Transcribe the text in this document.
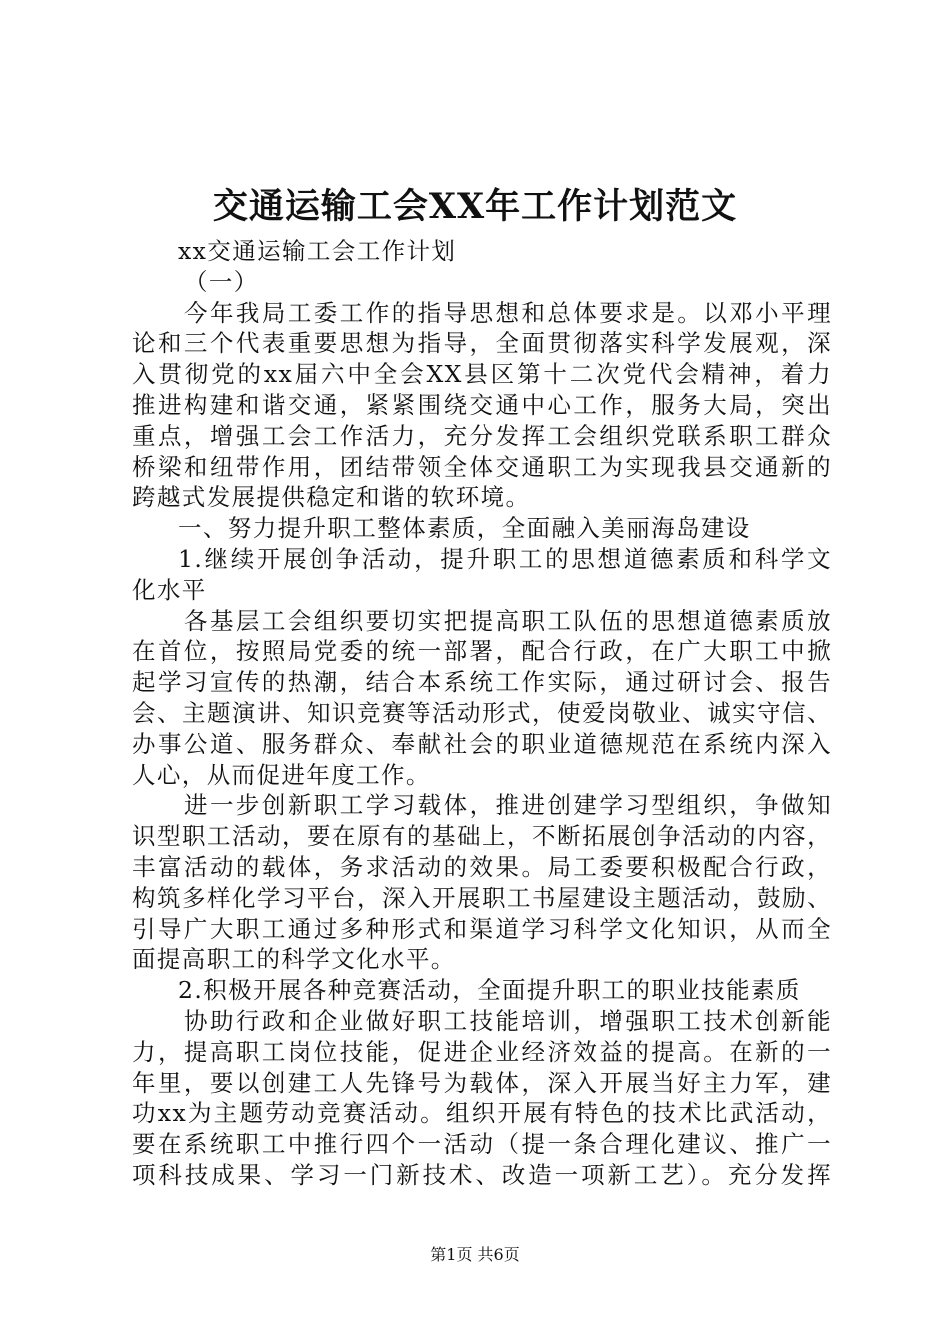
交通运输工会XX年工作计划范文
xx交通运输工会工作计划
（一）
今年我局工委工作的指导思想和总体要求是。以邓小平理
论和三个代表重要思想为指导，全面贯彻落实科学发展观，深
入贯彻党的xx届六中全会XX县区第十二次党代会精神，着力
推进构建和谐交通，紧紧围绕交通中心工作，服务大局，突出
重点，增强工会工作活力，充分发挥工会组织党联系职工群众
桥梁和纽带作用，团结带领全体交通职工为实现我县交通新的
跨越式发展提供稳定和谐的软环境。
一、努力提升职工整体素质，全面融入美丽海岛建设
1.继续开展创争活动，提升职工的思想道德素质和科学文
化水平
各基层工会组织要切实把提高职工队伍的思想道德素质放
在首位，按照局党委的统一部署，配合行政，在广大职工中掀
起学习宣传的热潮，结合本系统工作实际，通过研讨会、报告
会、主题演讲、知识竞赛等活动形式，使爱岗敬业、诚实守信、
办事公道、服务群众、奉献社会的职业道德规范在系统内深入
人心，从而促进年度工作。
进一步创新职工学习载体，推进创建学习型组织，争做知
识型职工活动，要在原有的基础上，不断拓展创争活动的内容，
丰富活动的载体，务求活动的效果。局工委要积极配合行政，
构筑多样化学习平台，深入开展职工书屋建设主题活动，鼓励、
引导广大职工通过多种形式和渠道学习科学文化知识，从而全
面提高职工的科学文化水平。
2.积极开展各种竞赛活动，全面提升职工的职业技能素质
协助行政和企业做好职工技能培训，增强职工技术创新能
力，提高职工岗位技能，促进企业经济效益的提高。在新的一
年里，要以创建工人先锋号为载体，深入开展当好主力军，建
功xx为主题劳动竞赛活动。组织开展有特色的技术比武活动，
要在系统职工中推行四个一活动（提一条合理化建议、推广一
项科技成果、学习一门新技术、改造一项新工艺）。充分发挥
第1页 共6页
